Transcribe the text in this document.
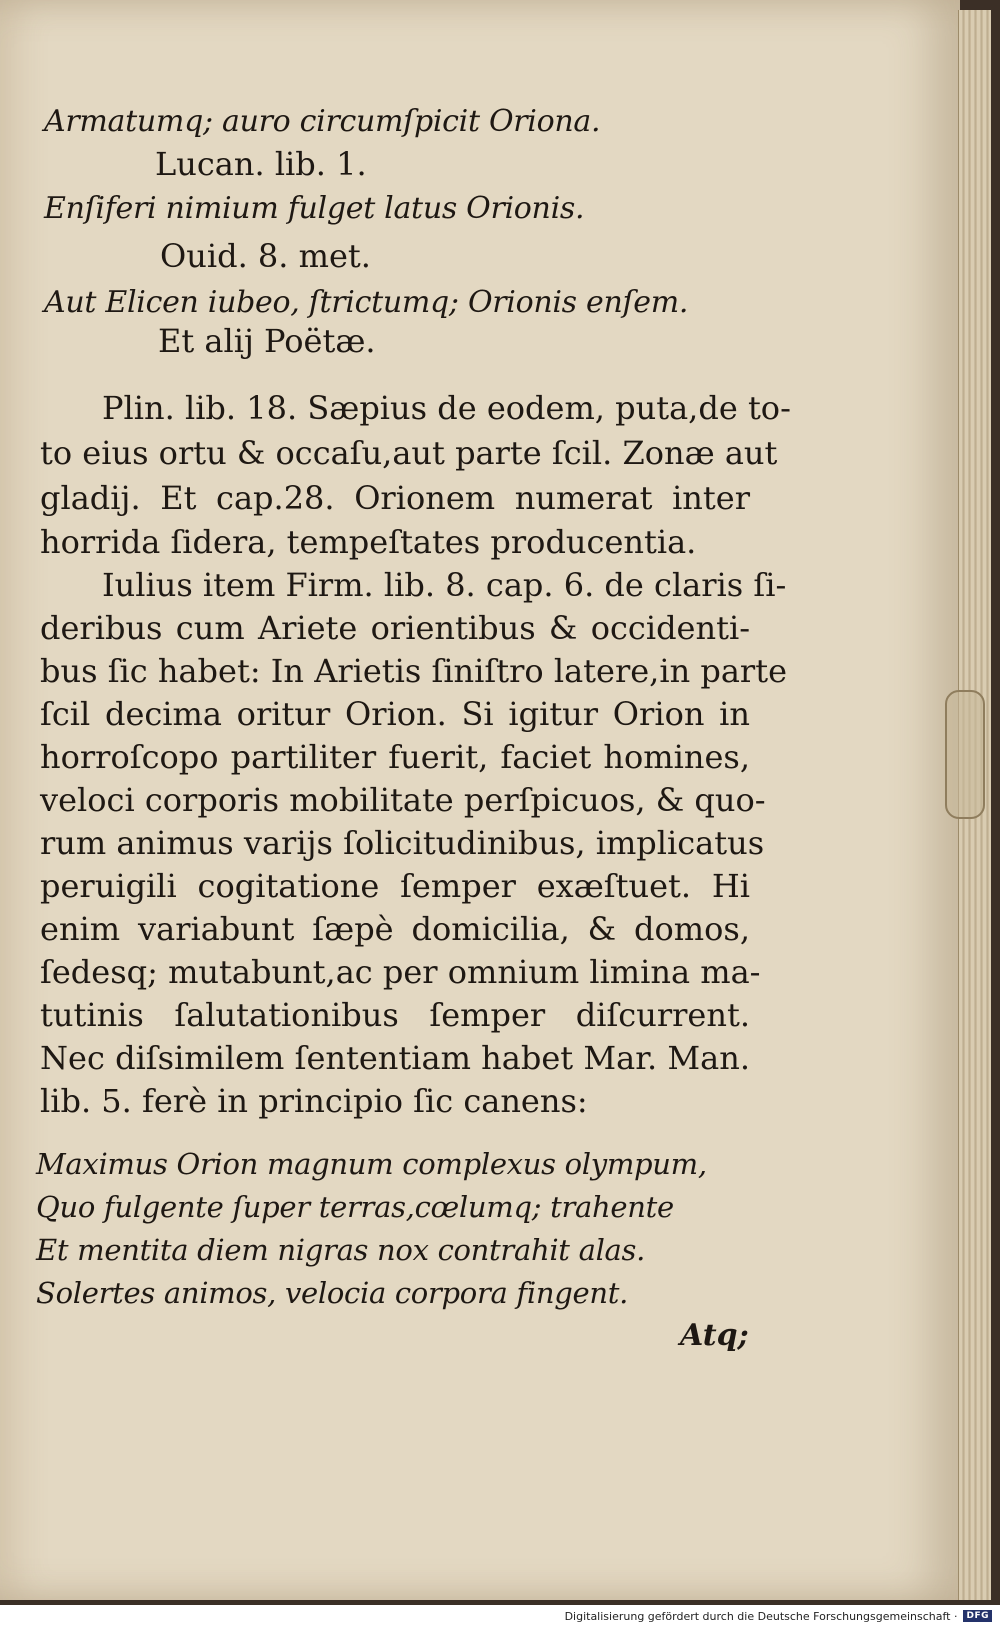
Armatumq; auro circumſpicit Oriona.
Lucan. lib. 1.
Enſiferi nimium fulget latus Orionis.
Ouid. 8. met.
Aut Elicen iubeo, ſtrictumq; Orionis enſem.
Et alij Poëtæ.
Plin. lib. 18. Sæpius de eodem, puta,de to-
to eius ortu & occaſu,aut parte ſcil. Zonæ aut
gladij. Et cap.28. Orionem numerat inter
horrida ſidera, tempeſtates producentia.
Iulius item Firm. lib. 8. cap. 6. de claris ſi-
deribus cum Ariete orientibus & occidenti-
bus ſic habet: In Arietis ſiniſtro latere,in parte
ſcil decima oritur Orion. Si igitur Orion in
horroſcopo partiliter fuerit, faciet homines,
veloci corporis mobilitate perſpicuos, & quo-
rum animus varijs ſolicitudinibus, implicatus
peruigili cogitatione ſemper exæſtuet. Hi
enim variabunt ſæpè domicilia, & domos,
ſedesq; mutabunt,ac per omnium limina ma-
tutinis ſalutationibus ſemper diſcurrent.
Nec diſsimilem ſententiam habet Mar. Man.
lib. 5. ferè in principio ſic canens:
Maximus Orion magnum complexus olympum,
Quo fulgente ſuper terras,cœlumq; trahente
Et mentita diem nigras nox contrahit alas.
Solertes animos, velocia corpora fingent.
Atq;
Digitalisierung gefördert durch die Deutsche Forschungsgemeinschaft ·	DFG
